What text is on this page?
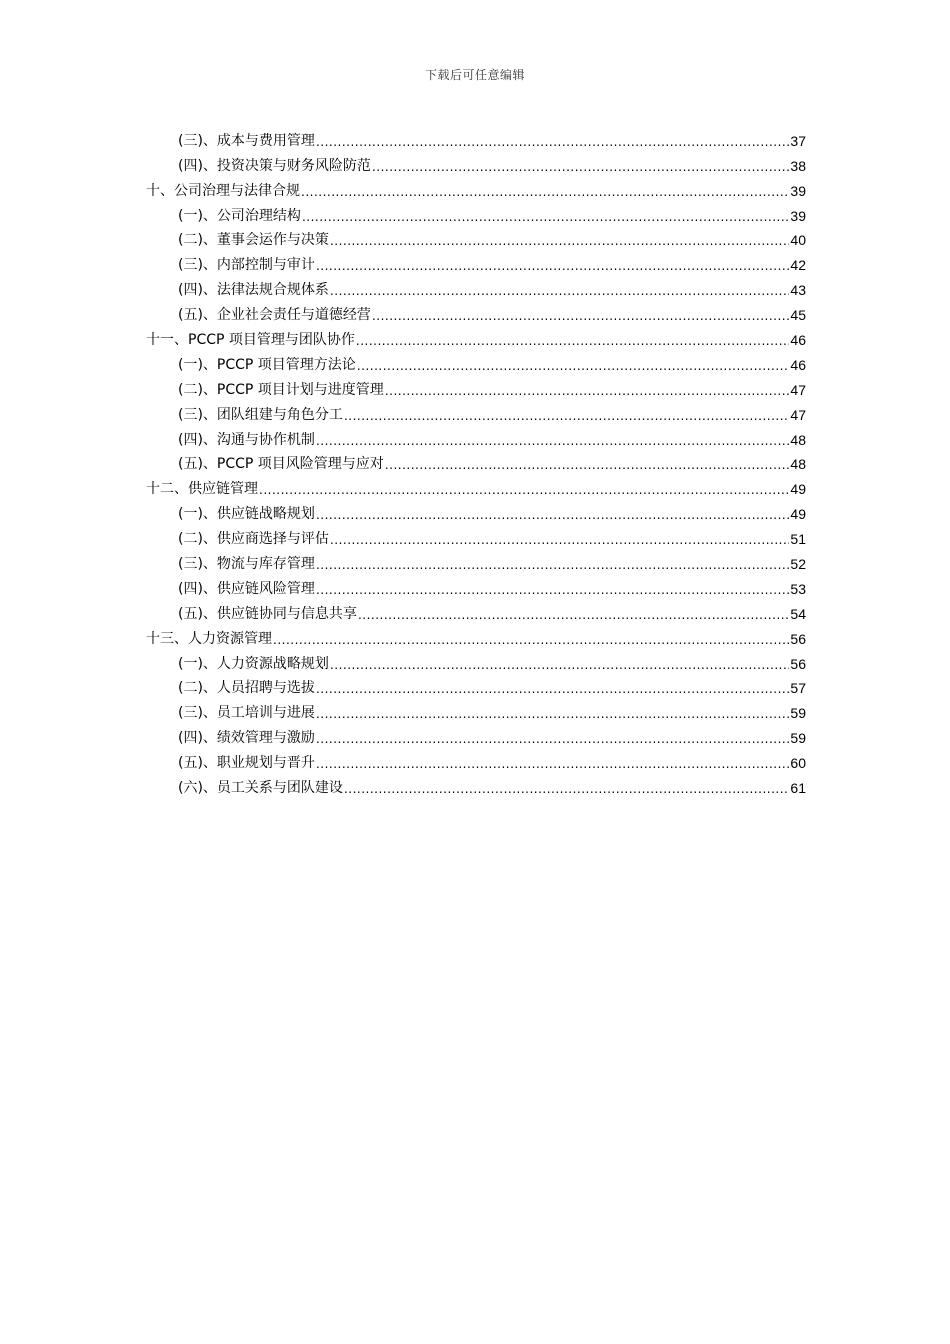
下载后可任意编辑
(三)、成本与费用管理 .....	37
(四)、投资决策与财务风险防范 .....	38
十、公司治理与法律合规 .....	39
(一)、公司治理结构 .....	39
(二)、董事会运作与决策 .....	40
(三)、内部控制与审计 .....	42
(四)、法律法规合规体系 .....	43
(五)、企业社会责任与道德经营 .....	45
十一、PCCP 项目管理与团队协作 .....	46
(一)、PCCP 项目管理方法论 .....	46
(二)、PCCP 项目计划与进度管理 .....	47
(三)、团队组建与角色分工 .....	47
(四)、沟通与协作机制 .....	48
(五)、PCCP 项目风险管理与应对 .....	48
十二、供应链管理 .....	49
(一)、供应链战略规划 .....	49
(二)、供应商选择与评估 .....	51
(三)、物流与库存管理 .....	52
(四)、供应链风险管理 .....	53
(五)、供应链协同与信息共享 .....	54
十三、人力资源管理 .....	56
(一)、人力资源战略规划 .....	56
(二)、人员招聘与选拔 .....	57
(三)、员工培训与进展 .....	59
(四)、绩效管理与激励 .....	59
(五)、职业规划与晋升 .....	60
(六)、员工关系与团队建设 .....	61
